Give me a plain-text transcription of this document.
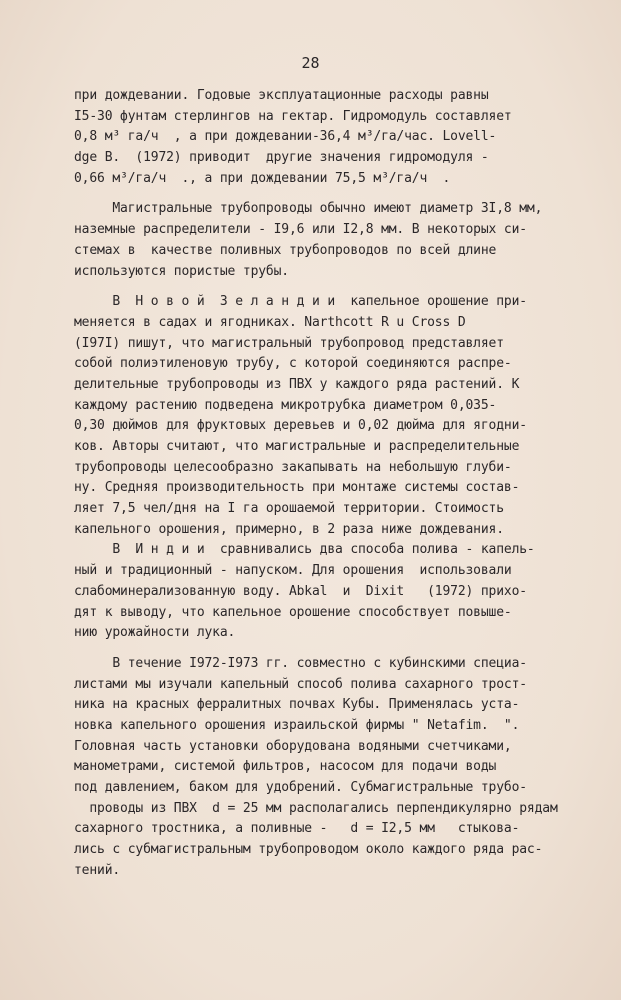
28
при дождевании. Годовые эксплуатационные расходы равны
I5-30 фунтам стерлингов на гектар. Гидромодуль составляет
0,8 м³ га/ч  , а при дождевании-36,4 м³/га/час. Lovell-
dge B.  (1972) приводит  другие значения гидромодуля -
0,66 м³/га/ч  ., а при дождевании 75,5 м³/га/ч  .
Магистральные трубопроводы обычно имеют диаметр 3I,8 мм,
наземные распределители - I9,6 или I2,8 мм. В некоторых си-
стемах в  качестве поливных трубопроводов по всей длине
используются пористые трубы.
В  Н о в о й  З е л а н д и и  капельное орошение при-
меняется в садах и ягодниках. Narthcott R u Cross D
(I97I) пишут, что магистральный трубопровод представляет
собой полиэтиленовую трубу, с которой соединяются распре-
делительные трубопроводы из ПВХ у каждого ряда растений. К
каждому растению подведена микротрубка диаметром 0,035-
0,30 дюймов для фруктовых деревьев и 0,02 дюйма для ягодни-
ков. Авторы считают, что магистральные и распределительные
трубопроводы целесообразно закапывать на небольшую глуби-
ну. Средняя производительность при монтаже системы состав-
ляет 7,5 чел/дня на I га орошаемой территории. Стоимость
капельного орошения, примерно, в 2 раза ниже дождевания.
В  И н д и и  сравнивались два способа полива - капель-
ный и традиционный - напуском. Для орошения  использовали
слабоминерализованную воду. Abkal  и  Dixit   (1972) прихо-
дят к выводу, что капельное орошение способствует повыше-
нию урожайности лука.
В течение I972-I973 гг. совместно с кубинскими специа-
листами мы изучали капельный способ полива сахарного трост-
ника на красных ферралитных почвах Кубы. Применялась уста-
новка капельного орошения израильской фирмы " Netafim.  ".
Головная часть установки оборудована водяными счетчиками,
манометрами, системой фильтров, насосом для подачи воды
под давлением, баком для удобрений. Субмагистральные трубо-
проводы из ПВХ  d = 25 мм располагались перпендикулярно рядам
сахарного тростника, а поливные -   d = I2,5 мм   стыкова-
лись с субмагистральным трубопроводом около каждого ряда рас-
тений.
